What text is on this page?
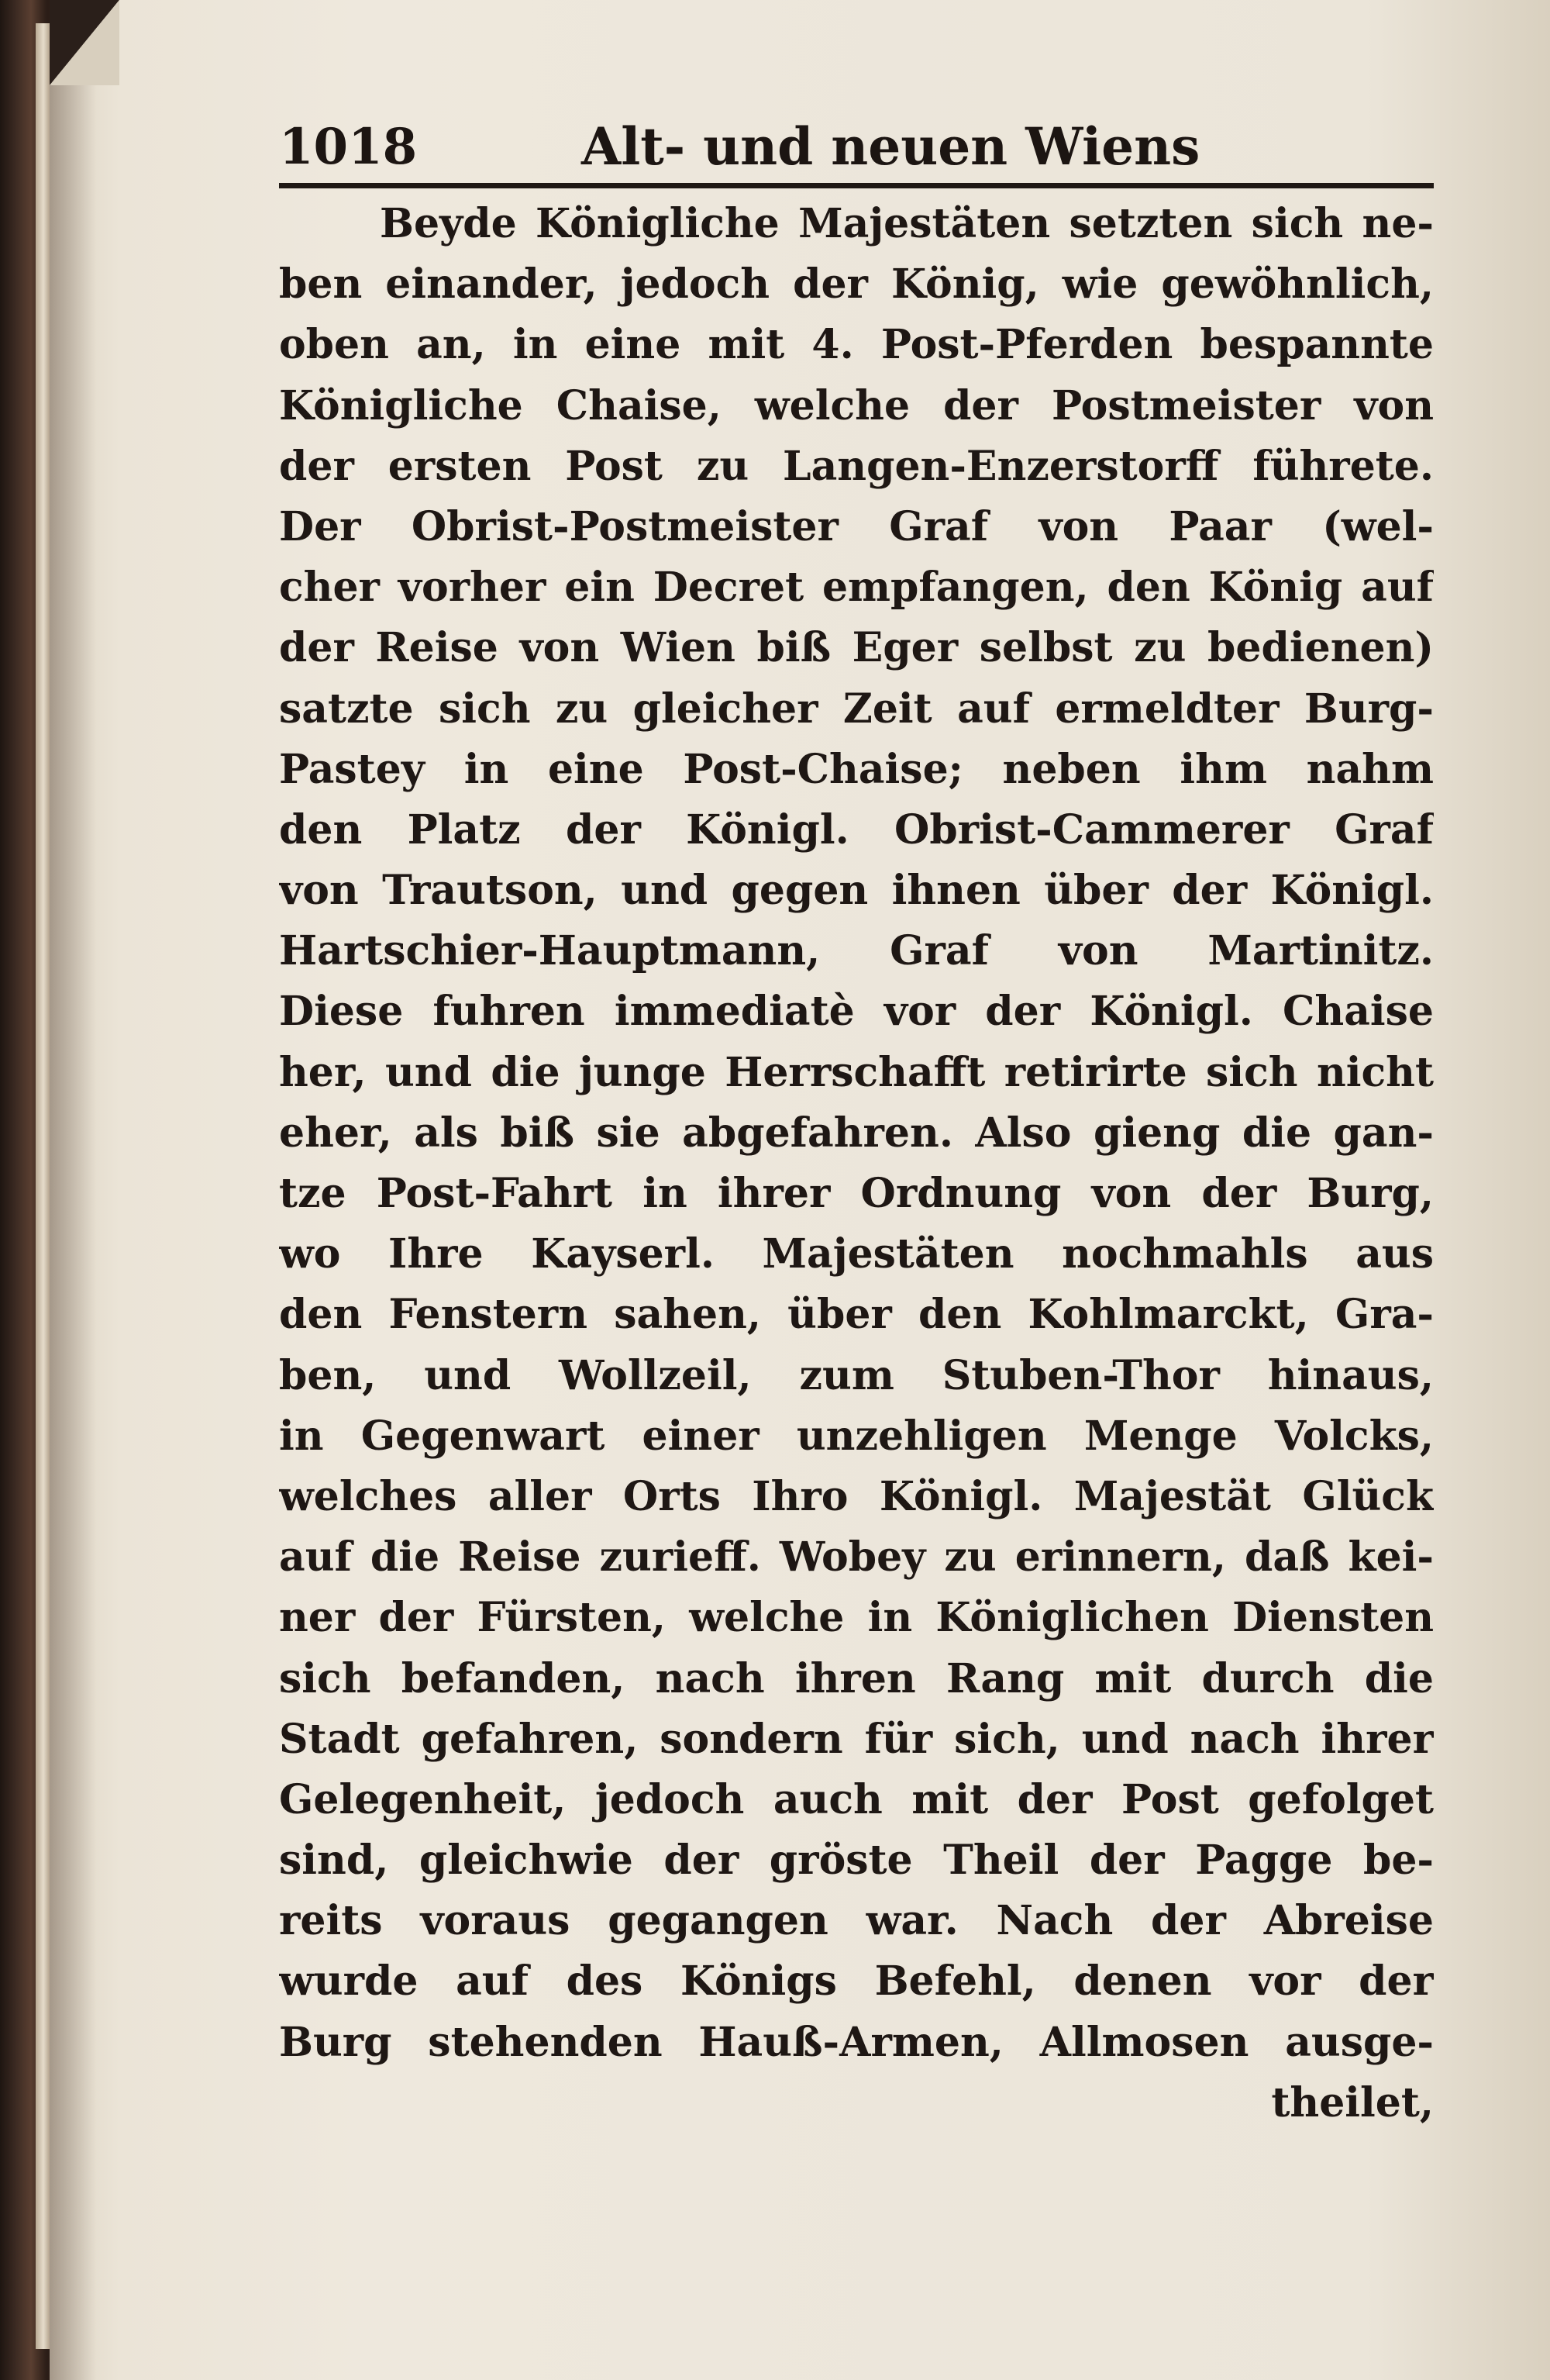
1018	Alt- und neuen Wiens
Beyde Königliche Majestäten setzten sich ne-
ben einander, jedoch der König, wie gewöhnlich,
oben an, in eine mit 4. Post-Pferden bespannte
Königliche Chaise, welche der Postmeister von
der ersten Post zu Langen-Enzerstorff führete.
Der Obrist-Postmeister Graf von Paar (wel-
cher vorher ein Decret empfangen, den König auf
der Reise von Wien biß Eger selbst zu bedienen)
satzte sich zu gleicher Zeit auf ermeldter Burg-
Pastey in eine Post-Chaise; neben ihm nahm
den Platz der Königl. Obrist-Cammerer Graf
von Trautson, und gegen ihnen über der Königl.
Hartschier-Hauptmann, Graf von Martinitz.
Diese fuhren immediatè vor der Königl. Chaise
her, und die junge Herrschafft retirirte sich nicht
eher, als biß sie abgefahren. Also gieng die gan-
tze Post-Fahrt in ihrer Ordnung von der Burg,
wo Ihre Kayserl. Majestäten nochmahls aus
den Fenstern sahen, über den Kohlmarckt, Gra-
ben, und Wollzeil, zum Stuben-Thor hinaus,
in Gegenwart einer unzehligen Menge Volcks,
welches aller Orts Ihro Königl. Majestät Glück
auf die Reise zurieff. Wobey zu erinnern, daß kei-
ner der Fürsten, welche in Königlichen Diensten
sich befanden, nach ihren Rang mit durch die
Stadt gefahren, sondern für sich, und nach ihrer
Gelegenheit, jedoch auch mit der Post gefolget
sind, gleichwie der gröste Theil der Pagge be-
reits voraus gegangen war. Nach der Abreise
wurde auf des Königs Befehl, denen vor der
Burg stehenden Hauß-Armen, Allmosen ausge-
theilet,
